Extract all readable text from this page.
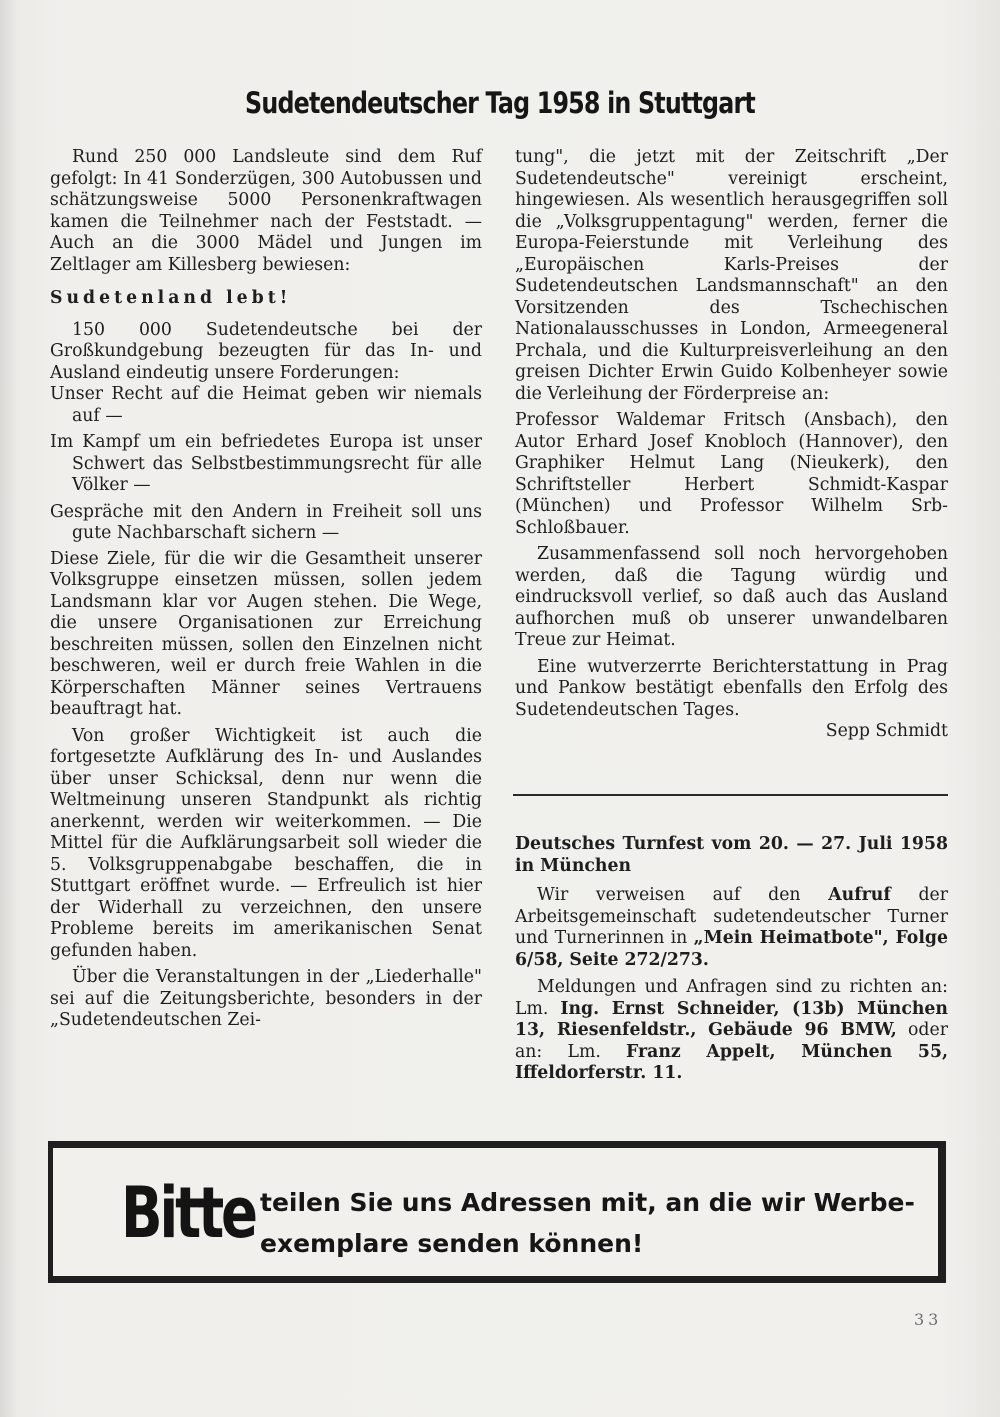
Sudetendeutscher Tag 1958 in Stuttgart

Rund 250 000 Landsleute sind dem Ruf gefolgt: In 41 Sonderzügen, 300 Autobussen und schätzungsweise 5000 Personenkraftwagen kamen die Teilnehmer nach der Feststadt. — Auch an die 3000 Mädel und Jungen im Zeltlager am Killesberg bewiesen:

Sudetenland lebt!

150 000 Sudetendeutsche bei der Großkundgebung bezeugten für das In- und Ausland eindeutig unsere Forderungen:

Unser Recht auf die Heimat geben wir niemals auf —

Im Kampf um ein befriedetes Europa ist unser Schwert das Selbstbestimmungsrecht für alle Völker —

Gespräche mit den Andern in Freiheit soll uns gute Nachbarschaft sichern —

Diese Ziele, für die wir die Gesamtheit unserer Volksgruppe einsetzen müssen, sollen jedem Landsmann klar vor Augen stehen. Die Wege, die unsere Organisationen zur Erreichung beschreiten müssen, sollen den Einzelnen nicht beschweren, weil er durch freie Wahlen in die Körperschaften Männer seines Vertrauens beauftragt hat.

Von großer Wichtigkeit ist auch die fortgesetzte Aufklärung des In- und Auslandes über unser Schicksal, denn nur wenn die Weltmeinung unseren Standpunkt als richtig anerkennt, werden wir weiterkommen. — Die Mittel für die Aufklärungsarbeit soll wieder die 5. Volksgruppenabgabe beschaffen, die in Stuttgart eröffnet wurde. — Erfreulich ist hier der Widerhall zu verzeichnen, den unsere Probleme bereits im amerikanischen Senat gefunden haben.

Über die Veranstaltungen in der „Liederhalle" sei auf die Zeitungsberichte, besonders in der „Sudetendeutschen Zei-

tung", die jetzt mit der Zeitschrift „Der Sudetendeutsche" vereinigt erscheint, hingewiesen. Als wesentlich herausgegriffen soll die „Volksgruppentagung" werden, ferner die Europa-Feierstunde mit Verleihung des „Europäischen Karls-Preises der Sudetendeutschen Landsmannschaft" an den Vorsitzenden des Tschechischen Nationalausschusses in London, Armeegeneral Prchala, und die Kulturpreisverleihung an den greisen Dichter Erwin Guido Kolbenheyer sowie die Verleihung der Förderpreise an:

Professor Waldemar Fritsch (Ansbach), den Autor Erhard Josef Knobloch (Hannover), den Graphiker Helmut Lang (Nieukerk), den Schriftsteller Herbert Schmidt-Kaspar (München) und Professor Wilhelm Srb-Schloßbauer.

Zusammenfassend soll noch hervorgehoben werden, daß die Tagung würdig und eindrucksvoll verlief, so daß auch das Ausland aufhorchen muß ob unserer unwandelbaren Treue zur Heimat.

Eine wutverzerrte Berichterstattung in Prag und Pankow bestätigt ebenfalls den Erfolg des Sudetendeutschen Tages.

Sepp Schmidt

Deutsches Turnfest vom 20. — 27. Juli 1958 in München

Wir verweisen auf den Aufruf der Arbeitsgemeinschaft sudetendeutscher Turner und Turnerinnen in „Mein Heimatbote", Folge 6/58, Seite 272/273.

Meldungen und Anfragen sind zu richten an: Lm. Ing. Ernst Schneider, (13b) München 13, Riesenfeldstr., Gebäude 96 BMW, oder an: Lm. Franz Appelt, München 55, Iffeldorferstr. 11.

Bitte teilen Sie uns Adressen mit, an die wir Werbe-
exemplare senden können!
33
